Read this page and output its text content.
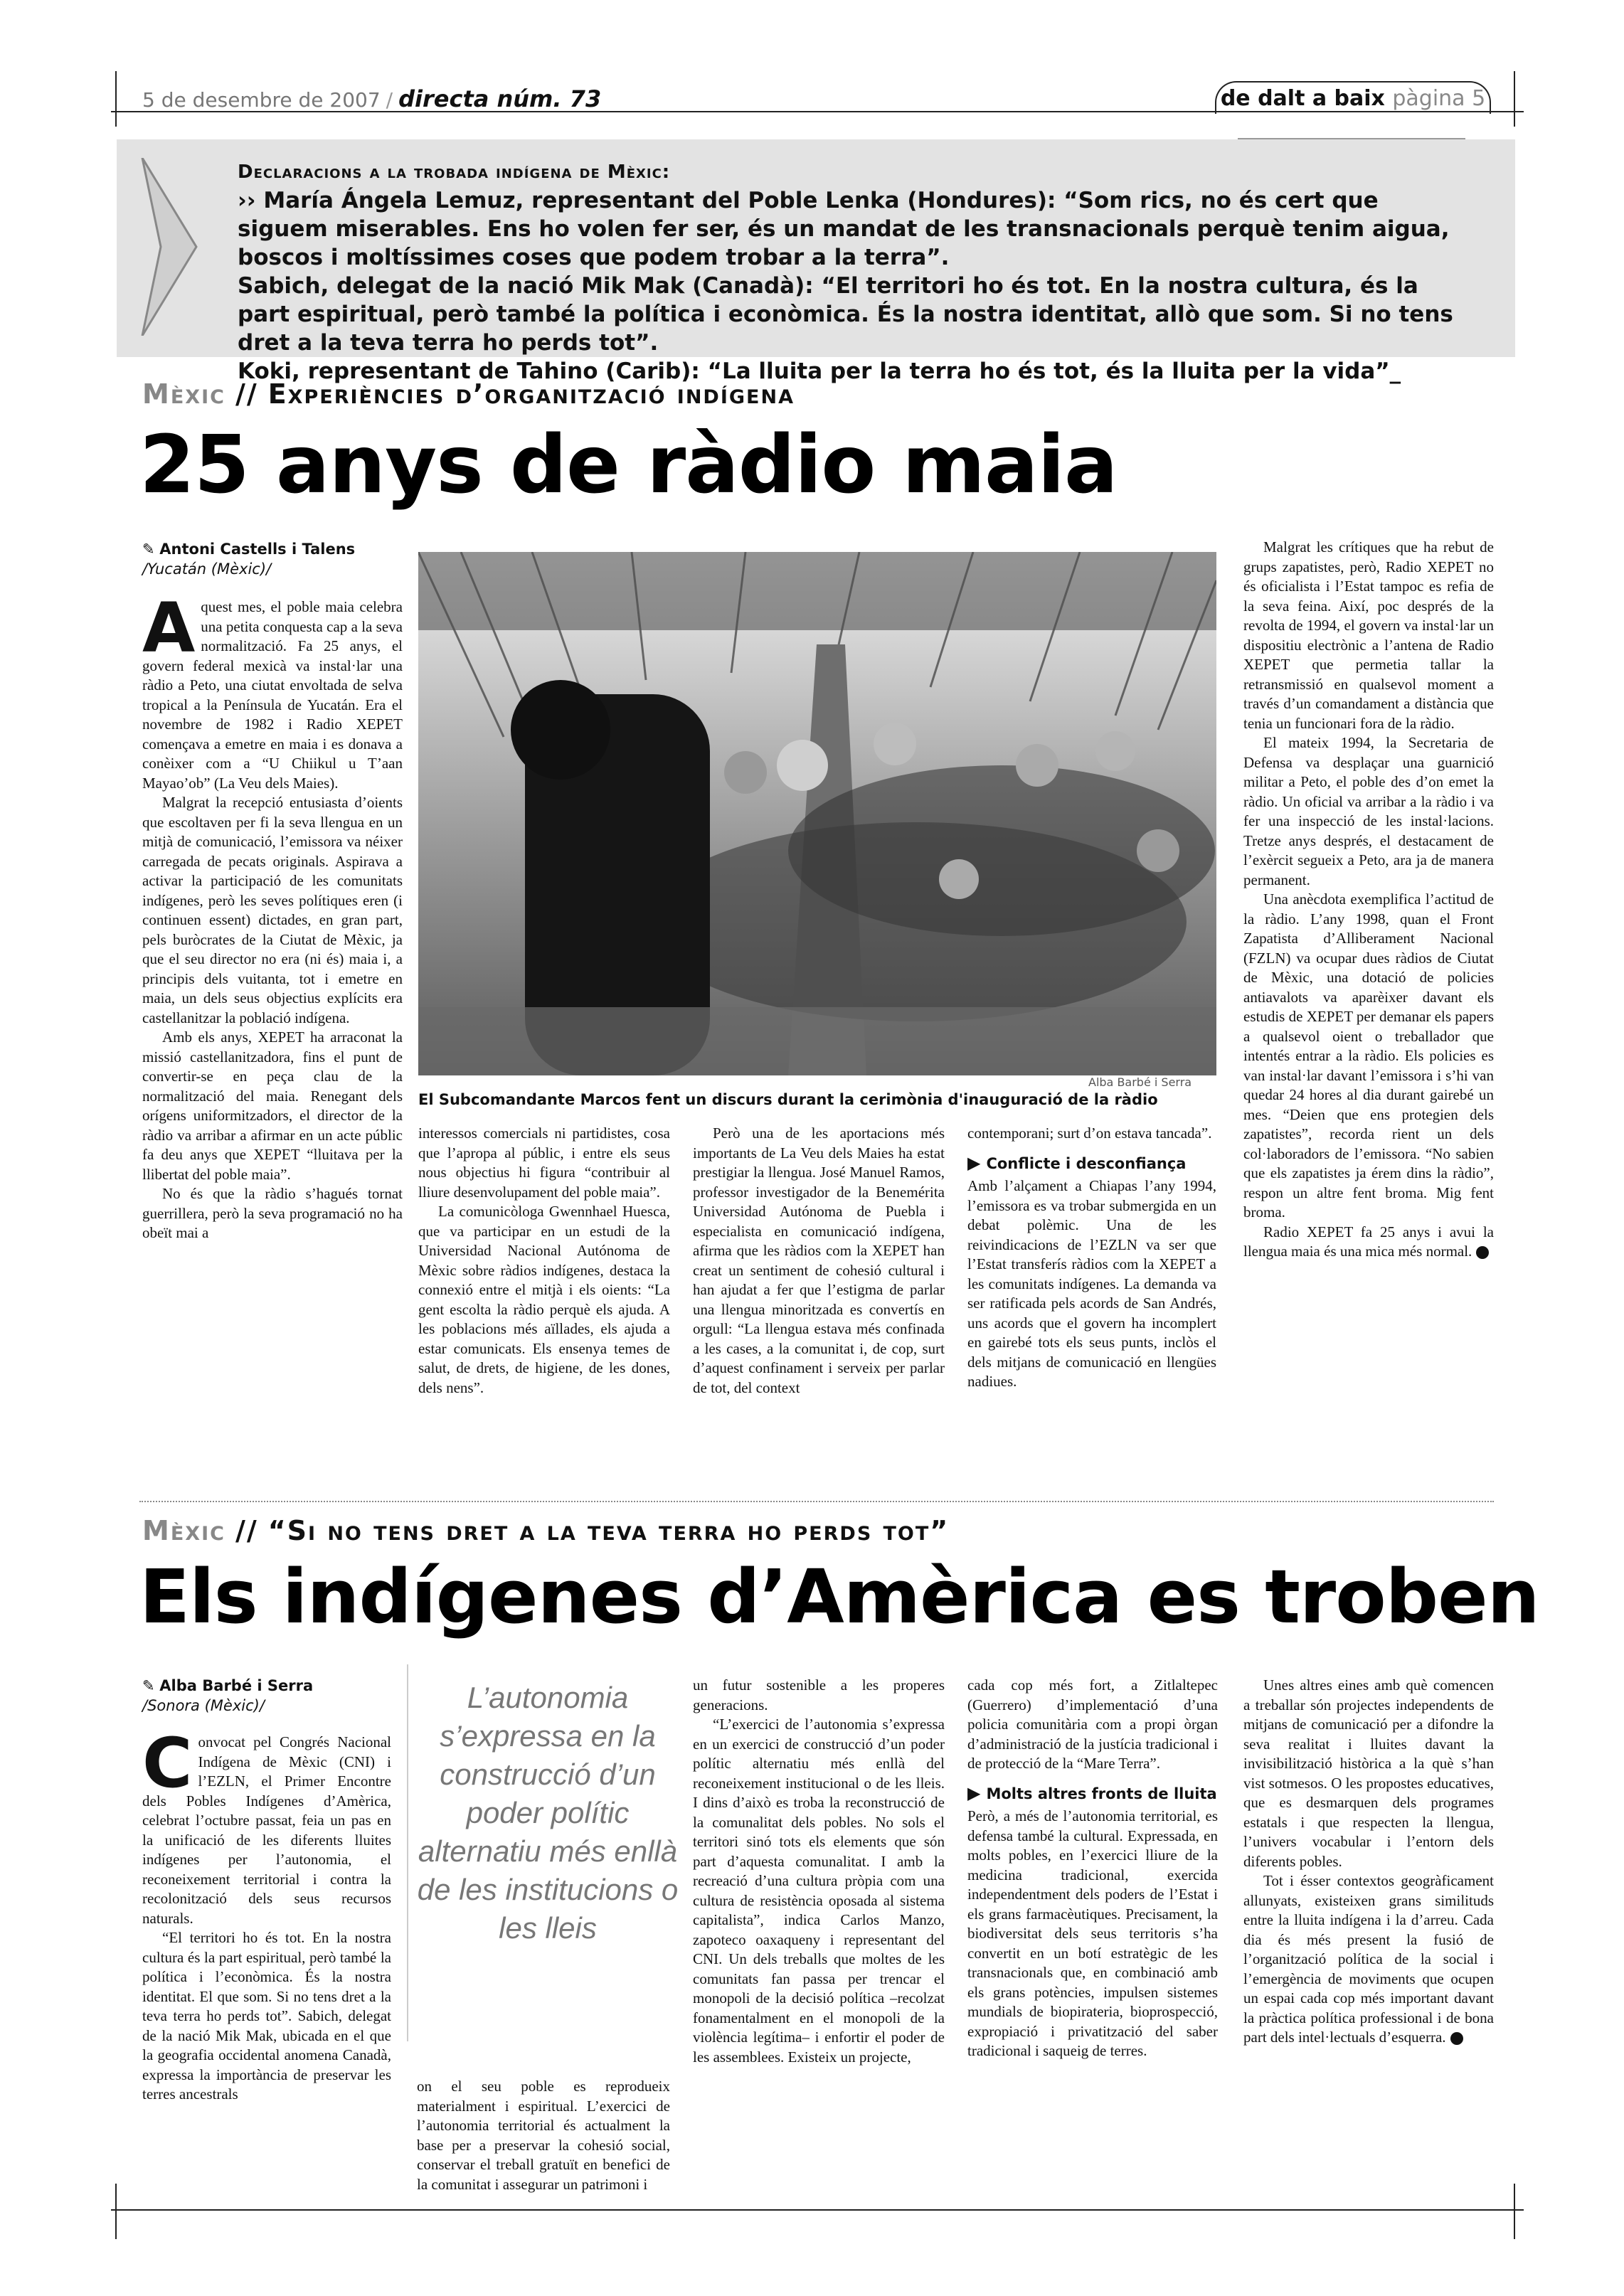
5 de desembre de 2007 / directa núm. 73	de dalt a baix pàgina 5
Declaracions a la trobada indígena de Mèxic:
›› María Ángela Lemuz, representant del Poble Lenka (Hondures): “Som rics, no és cert que siguem miserables. Ens ho volen fer ser, és un mandat de les transnacionals perquè tenim aigua, boscos i moltíssimes coses que podem trobar a la terra”.
Sabich, delegat de la nació Mik Mak (Canadà): “El territori ho és tot. En la nostra cultura, és la part espiritual, però també la política i econòmica. És la nostra identitat, allò que som. Si no tens dret a la teva terra ho perds tot”.
Koki, representant de Tahino (Carib): “La lluita per la terra ho és tot, és la lluita per la vida”_
Mèxic // Experiències d’organització indígena
25 anys de ràdio maia
✎ Antoni Castells i Talens
/Yucatán (Mèxic)/

Aquest mes, el poble maia celebra una petita conquesta cap a la seva normalització. Fa 25 anys, el govern federal mexicà va instal·lar una ràdio a Peto, una ciutat envoltada de selva tropical a la Península de Yucatán. Era el novembre de 1982 i Radio XEPET començava a emetre en maia i es donava a conèixer com a “U Chiikul u T’aan Mayao’ob” (La Veu dels Maies).

Malgrat la recepció entusiasta d’oients que escoltaven per fi la seva llengua en un mitjà de comunicació, l’emissora va néixer carregada de pecats originals. Aspirava a activar la participació de les comunitats indígenes, però les seves polítiques eren (i continuen essent) dictades, en gran part, pels buròcrates de la Ciutat de Mèxic, ja que el seu director no era (ni és) maia i, a principis dels vuitanta, tot i emetre en maia, un dels seus objectius explícits era castellanitzar la població indígena.

Amb els anys, XEPET ha arraconat la missió castellanitzadora, fins el punt de convertir-se en peça clau de la normalització del maia. Renegant dels orígens uniformitzadors, el director de la ràdio va arribar a afirmar en un acte públic fa deu anys que XEPET “lluitava per la llibertat del poble maia”.

No és que la ràdio s’hagués tornat guerrillera, però la seva programació no ha obeït mai a

Alba Barbé i Serra
El Subcomandante Marcos fent un discurs durant la cerimònia d'inauguració de la ràdio

interessos comercials ni partidistes, cosa que l’apropa al públic, i entre els seus nous objectius hi figura “contribuir al lliure desenvolupament del poble maia”.

La comunicòloga Gwennhael Huesca, que va participar en un estudi de la Universidad Nacional Autónoma de Mèxic sobre ràdios indígenes, destaca la connexió entre el mitjà i els oients: “La gent escolta la ràdio perquè els ajuda. A les poblacions més aïllades, els ajuda a estar comunicats. Els ensenya temes de salut, de drets, de higiene, de les dones, dels nens”.

Però una de les aportacions més importants de La Veu dels Maies ha estat prestigiar la llengua. José Manuel Ramos, professor investigador de la Benemérita Universidad Autónoma de Puebla i especialista en comunicació indígena, afirma que les ràdios com la XEPET han creat un sentiment de cohesió cultural i han ajudat a fer que l’estigma de parlar una llengua minoritzada es convertís en orgull: “La llengua estava més confinada a les cases, a la comunitat i, de cop, surt d’aquest confinament i serveix per parlar de tot, del context

contemporani; surt d’on estava tancada”.

▶ Conflicte i desconfiança

Amb l’alçament a Chiapas l’any 1994, l’emissora es va trobar submergida en un debat polèmic. Una de les reivindicacions de l’EZLN va ser que l’Estat transferís ràdios com la XEPET a les comunitats indígenes. La demanda va ser ratificada pels acords de San Andrés, uns acords que el govern ha incomplert en gairebé tots els seus punts, inclòs el dels mitjans de comunicació en llengües nadiues.

Malgrat les crítiques que ha rebut de grups zapatistes, però, Radio XEPET no és oficialista i l’Estat tampoc es refia de la seva feina. Així, poc després de la revolta de 1994, el govern va instal·lar un dispositiu electrònic a l’antena de Radio XEPET que permetia tallar la retransmissió en qualsevol moment a través d’un comandament a distància que tenia un funcionari fora de la ràdio.

El mateix 1994, la Secretaria de Defensa va desplaçar una guarnició militar a Peto, el poble des d’on emet la ràdio. Un oficial va arribar a la ràdio i va fer una inspecció de les instal·lacions. Tretze anys després, el destacament de l’exèrcit segueix a Peto, ara ja de manera permanent.

Una anècdota exemplifica l’actitud de la ràdio. L’any 1998, quan el Front Zapatista d’Alliberament Nacional (FZLN) va ocupar dues ràdios de Ciutat de Mèxic, una dotació de policies antiavalots va aparèixer davant els estudis de XEPET per demanar els papers a qualsevol oient o treballador que intentés entrar a la ràdio. Els policies es van instal·lar davant l’emissora i s’hi van quedar 24 hores al dia durant gairebé un mes. “Deien que ens protegien dels zapatistes”, recorda rient un dels col·laboradors de l’emissora. “No sabien que els zapatistes ja érem dins la ràdio”, respon un altre fent broma. Mig fent broma.

Radio XEPET fa 25 anys i avui la llengua maia és una mica més normal.

Mèxic // “Si no tens dret a la teva terra ho perds tot”
Els indígenes d’Amèrica es troben
✎ Alba Barbé i Serra
/Sonora (Mèxic)/

Convocat pel Congrés Nacional Indígena de Mèxic (CNI) i l’EZLN, el Primer Encontre dels Pobles Indígenes d’Amèrica, celebrat l’octubre passat, feia un pas en la unificació de les diferents lluites indígenes per l’autonomia, el reconeixement territorial i contra la recolonització dels seus recursos naturals.

“El territori ho és tot. En la nostra cultura és la part espiritual, però també la política i l’econòmica. És la nostra identitat. El que som. Si no tens dret a la teva terra ho perds tot”. Sabich, delegat de la nació Mik Mak, ubicada en el que la geografia occidental anomena Canadà, expressa la importància de preservar les terres ancestrals

L’autonomia s’expressa en la construcció d’un poder polític alternatiu més enllà de les institucions o les lleis

on el seu poble es reprodueix materialment i espiritual. L’exercici de l’autonomia territorial és actualment la base per a preservar la cohesió social, conservar el treball gratuït en benefici de la comunitat i assegurar un patrimoni i

un futur sostenible a les properes generacions.

“L’exercici de l’autonomia s’expressa en un exercici de construcció d’un poder polític alternatiu més enllà del reconeixement institucional o de les lleis. I dins d’això es troba la reconstrucció de la comunalitat dels pobles. No sols el territori sinó tots els elements que són part d’aquesta comunalitat. I amb la recreació d’una cultura pròpia com una cultura de resistència oposada al sistema capitalista”, indica Carlos Manzo, zapoteco oaxaqueny i representant del CNI. Un dels treballs que moltes de les comunitats fan passa per trencar el monopoli de la decisió política –recolzat fonamentalment en el monopoli de la violència legítima– i enfortir el poder de les assemblees. Existeix un projecte,

cada cop més fort, a Zitlaltepec (Guerrero) d’implementació d’una policia comunitària com a propi òrgan d’administració de la justícia tradicional i de protecció de la “Mare Terra”.

▶ Molts altres fronts de lluita

Però, a més de l’autonomia territorial, es defensa també la cultural. Expressada, en molts pobles, en l’exercici lliure de la medicina tradicional, exercida independentment dels poders de l’Estat i els grans farmacèutiques. Precisament, la biodiversitat dels seus territoris s’ha convertit en un botí estratègic de les transnacionals que, en combinació amb els grans potències, impulsen sistemes mundials de biopirateria, bioprospecció, expropiació i privatització del saber tradicional i saqueig de terres.

Unes altres eines amb què comencen a treballar són projectes independents de mitjans de comunicació per a difondre la seva realitat i lluites davant la invisibilització històrica a la què s’han vist sotmesos. O les propostes educatives, que es desmarquen dels programes estatals i que respecten la llengua, l’univers vocabular i l’entorn dels diferents pobles.

Tot i ésser contextos geogràficament allunyats, existeixen grans similituds entre la lluita indígena i la d’arreu. Cada dia és més present la fusió de l’organització política de la social i l’emergència de moviments que ocupen un espai cada cop més important davant la pràctica política professional i de bona part dels intel·lectuals d’esquerra.
